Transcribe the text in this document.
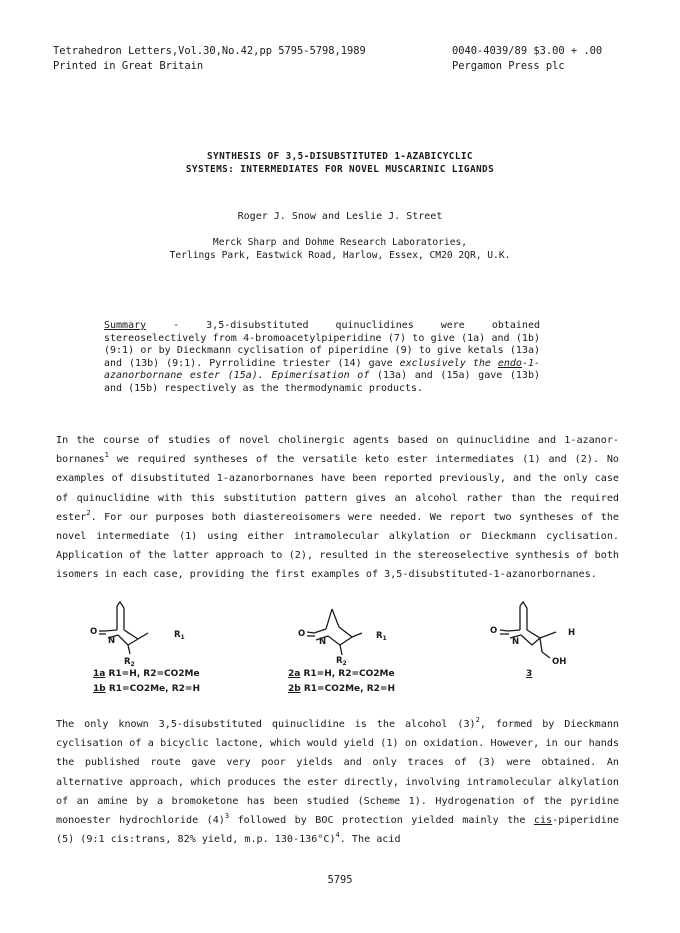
Tetrahedron Letters,Vol.30,No.42,pp 5795-5798,1989
Printed in Great Britain
0040-4039/89 $3.00 + .00
Pergamon Press plc
SYNTHESIS OF 3,5-DISUBSTITUTED 1-AZABICYCLIC
SYSTEMS: INTERMEDIATES FOR NOVEL MUSCARINIC LIGANDS
Roger J. Snow and Leslie J. Street
Merck Sharp and Dohme Research Laboratories,
Terlings Park, Eastwick Road, Harlow, Essex, CM20 2QR, U.K.
Summary - 3,5-disubstituted quinuclidines were obtained stereoselectively from 4-bromoacetylpiperidine (7) to give (1a) and (1b) (9:1) or by Dieckmann cyclisation of piperidine (9) to give ketals (13a) and (13b) (9:1). Pyrrolidine triester (14) gave exclusively the endo-1-azanorbornane ester (15a). Epimerisation of (13a) and (15a) gave (13b) and (15b) respectively as the thermodynamic products.

In the course of studies of novel cholinergic agents based on quinuclidine and 1-azanor-bornanes$^1$ we required syntheses of the versatile keto ester intermediates (1) and (2). No examples of disubstituted 1-azanorbornanes have been reported previously, and the only case of quinuclidine with this substitution pattern gives an alcohol rather than the required ester$^2$. For our purposes both diastereoisomers were needed. We report two syntheses of the novel intermediate (1) using either intramolecular alkylation or Dieckmann cyclisation. Application of the latter approach to (2), resulted in the stereoselective synthesis of both isomers in each case, providing the first examples of 3,5-disubstituted-1-azanorbornanes.

O
N
$R_1$
$R_2$
1a R1=H, R2=CO2Me
1b R1=CO2Me, R2=H
O
N
$R_1$
$R_2$
2a R1=H, R2=CO2Me
2b R1=CO2Me, R2=H
O
N
H
OH
3

The only known 3,5-disubstituted quinuclidine is the alcohol $(3)^2$, formed by Dieckmann cyclisation of a bicyclic lactone, which would yield (1) on oxidation. However, in our hands the published route gave very poor yields and only traces of (3) were obtained. An alternative approach, which produces the ester directly, involving intramolecular alkylation of an amine by a bromoketone has been studied (Scheme 1). Hydrogenation of the pyridine monoester hydrochloride $(4)^3$ followed by BOC protection yielded mainly the cis-piperidine (5) (9:1 cis:trans, 82% yield, m.p. 130-136°C)$^4$. The acid

5795
